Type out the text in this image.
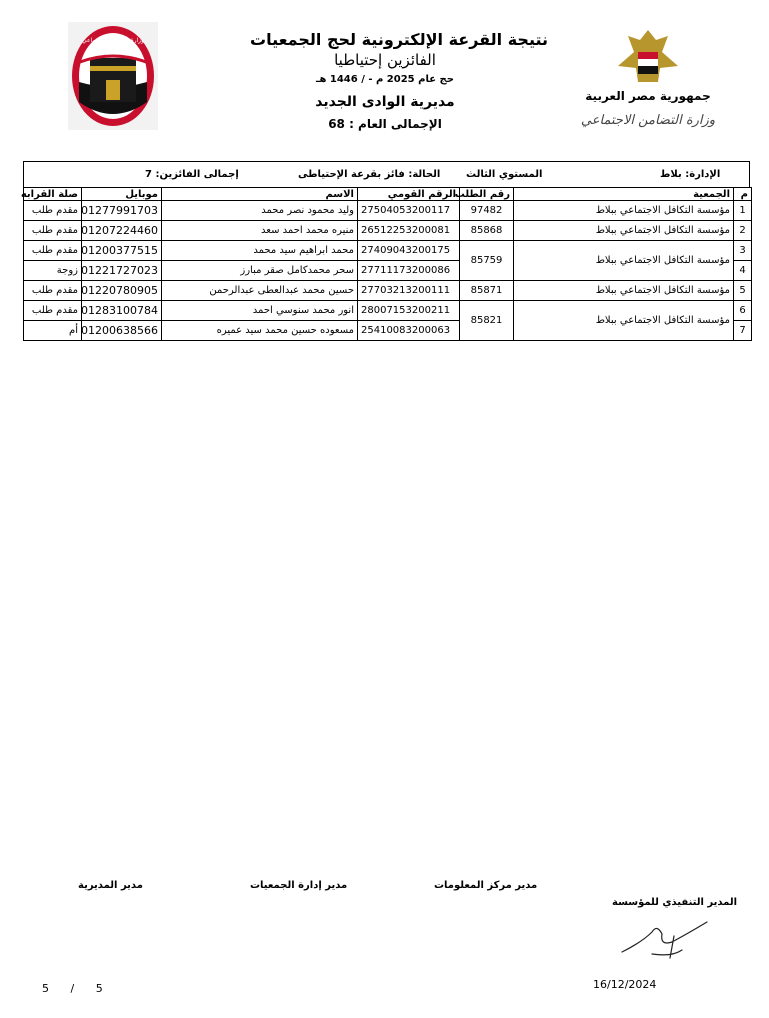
وزارة التضامن الاجتماعي
جمهورية مصر العربية
وزارة التضامن الاجتماعي
نتيجة القرعة الإلكترونية لحج الجمعيات
الفائزين إحتياطيا
حج عام 2025 م - / 1446 هـ
مديرية الوادى الجديد
الإجمالى العام : 68
الإدارة: بلاط
المستوي الثالث
الحالة: فائز بقرعة الإحتياطى
إجمالى الفائزين: 7
م	الجمعية	رقم الطلب	الرقم القومي	الاسم	موبايل	صلة القرابه
1	مؤسسة التكافل الاجتماعي ببلاط	97482	27504053200117	وليد محمود نصر محمد	01277991703	مقدم طلب
2	مؤسسة التكافل الاجتماعي ببلاط	85868	26512253200081	منيره محمد احمد سعد	01207224460	مقدم طلب
3	مؤسسة التكافل الاجتماعي ببلاط	85759	27409043200175	محمد ابراهيم سيد محمد	01200377515	مقدم طلب
4			27711173200086	سحر محمدكامل صقر مبارز	01221727023	زوجة
5	مؤسسة التكافل الاجتماعي ببلاط	85871	27703213200111	حسين محمد عبدالعطى عبدالرحمن	01220780905	مقدم طلب
6	مؤسسة التكافل الاجتماعي ببلاط	85821	28007153200211	انور محمد سنوسي احمد	01283100784	مقدم طلب
7			25410083200063	مسعوده حسين محمد سيد عميره	01200638566	أم
مدير المديرية	مدير إدارة الجمعيات	مدير مركز المعلومات
المدير التنفيذي للمؤسسة
16/12/2024
5 / 5
